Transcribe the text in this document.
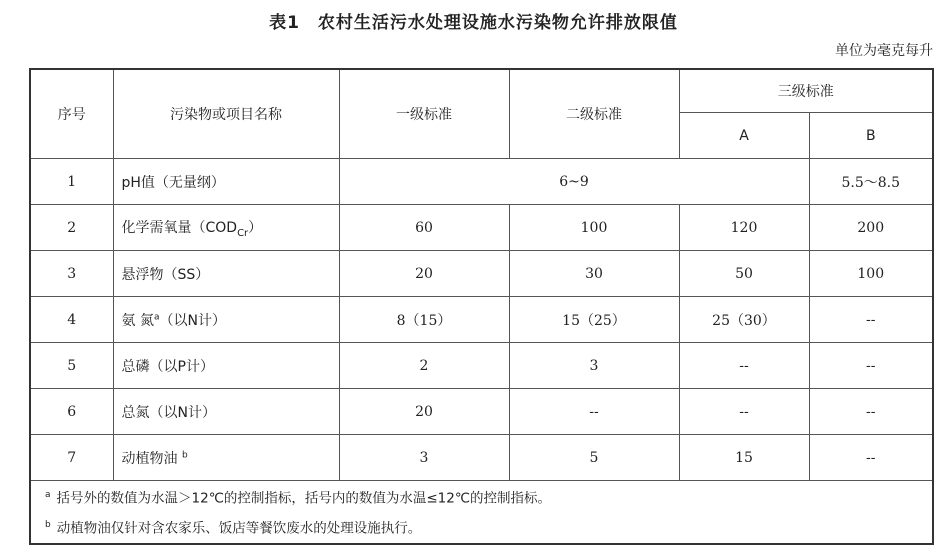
表1　农村生活污水处理设施水污染物允许排放限值
单位为毫克每升
序号	污染物或项目名称	一级标准	二级标准	三级标准	
				A	B
1	pH值（无量纲）	6~9			5.5～8.5
2	化学需氧量$(COD_{Cr})$	60	100	120	200
3	悬浮物（SS）	20	30	50	100
4	氨 氮$^a$（以N计）	8（15）	15（25）	25（30）	--
5	总磷（以P计）	2	3	--	--
6	总氮（以N计）	20	--	--	--
7	动植物油 $^b$	3	5	15	--

$^a$ 括号外的数值为水温＞12℃的控制指标，括号内的数值为水温≤12℃的控制指标。
$^b$ 动植物油仅针对含农家乐、饭店等餐饮废水的处理设施执行。					
